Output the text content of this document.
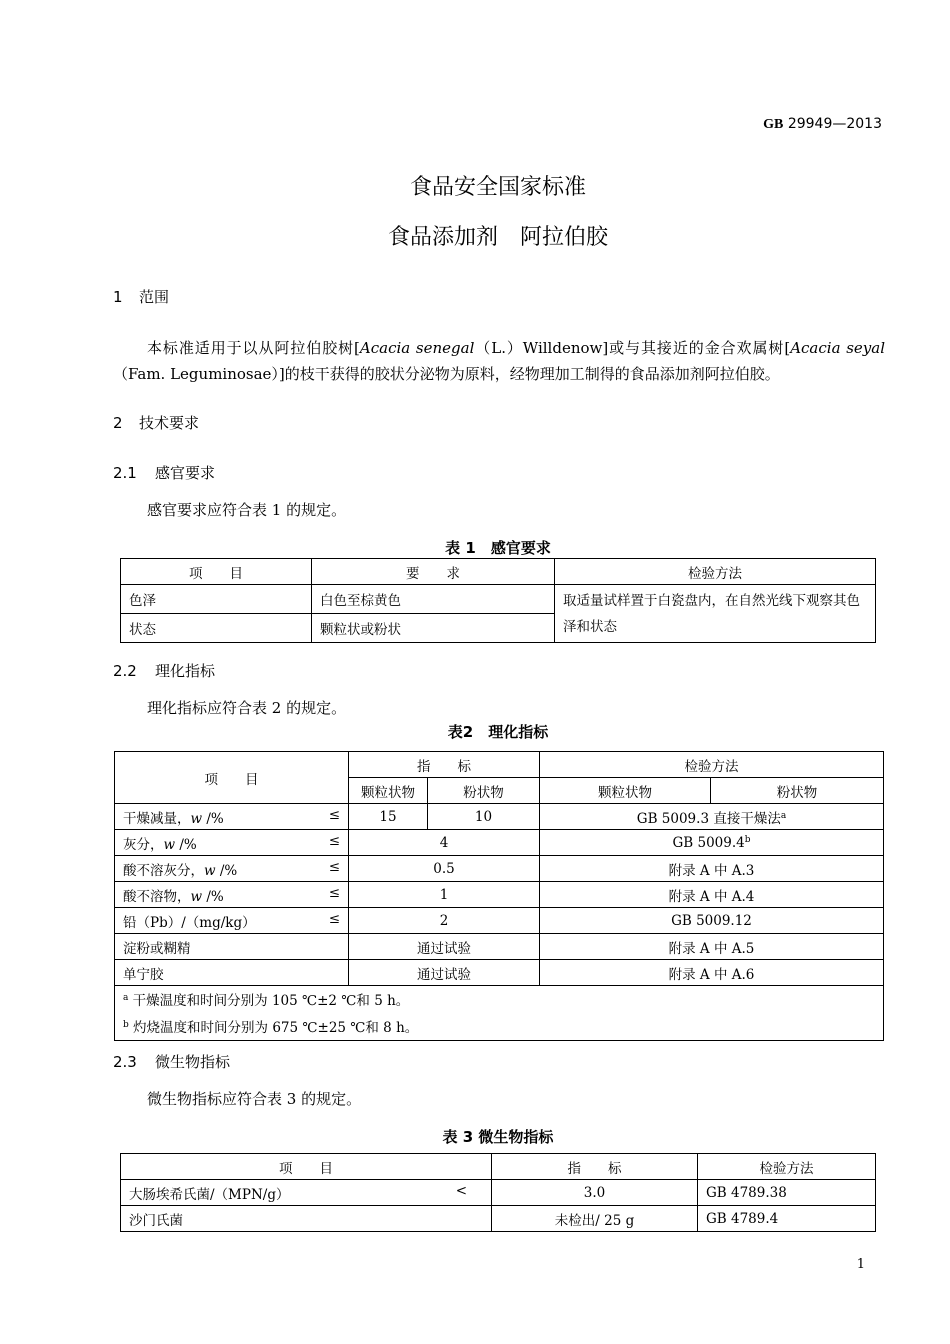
GB 29949—2013
食品安全国家标准
食品添加剂　阿拉伯胶
1 范围
本标准适用于以从阿拉伯胶树[Acacia senegal（L.）Willdenow]或与其接近的金合欢属树[Acacia seyal（Fam. Leguminosae）]的枝干获得的胶状分泌物为原料，经物理加工制得的食品添加剂阿拉伯胶。
2 技术要求
2.1 感官要求
感官要求应符合表 1 的规定。
表 1　感官要求
项　　目	要　　求	检验方法
色泽	白色至棕黄色	取适量试样置于白瓷盘内，在自然光线下观察其色泽和状态
状态	颗粒状或粉状	
2.2 理化指标
理化指标应符合表 2 的规定。
表2　理化指标
项　　目	指　　标		检验方法	
	颗粒状物	粉状物	颗粒状物	粉状物
干燥减量，w /% ≤	15	10	GB 5009.3 直接干燥法$^a$
灰分，w /% ≤	4		GB 5009.4$^b$
酸不溶灰分，w /% ≤	0.5		附录 A 中 A.3	
酸不溶物，w /% ≤	1		附录 A 中 A.4	
铅（Pb）/（mg/kg） ≤	2		GB 5009.12	
淀粉或糊精	通过试验		附录 A 中 A.5	
单宁胶	通过试验		附录 A 中 A.6	

$^a$ 干燥温度和时间分别为 105 ℃±2 ℃和 5 h。
$^b$ 灼烧温度和时间分别为 675 ℃±25 ℃和 8 h。				
2.3 微生物指标
微生物指标应符合表 3 的规定。
表 3 微生物指标
项　　目	指　　标	检验方法
大肠埃希氏菌/（MPN/g） <	3.0	GB 4789.38
沙门氏菌	未检出/ 25 g	GB 4789.4
1
